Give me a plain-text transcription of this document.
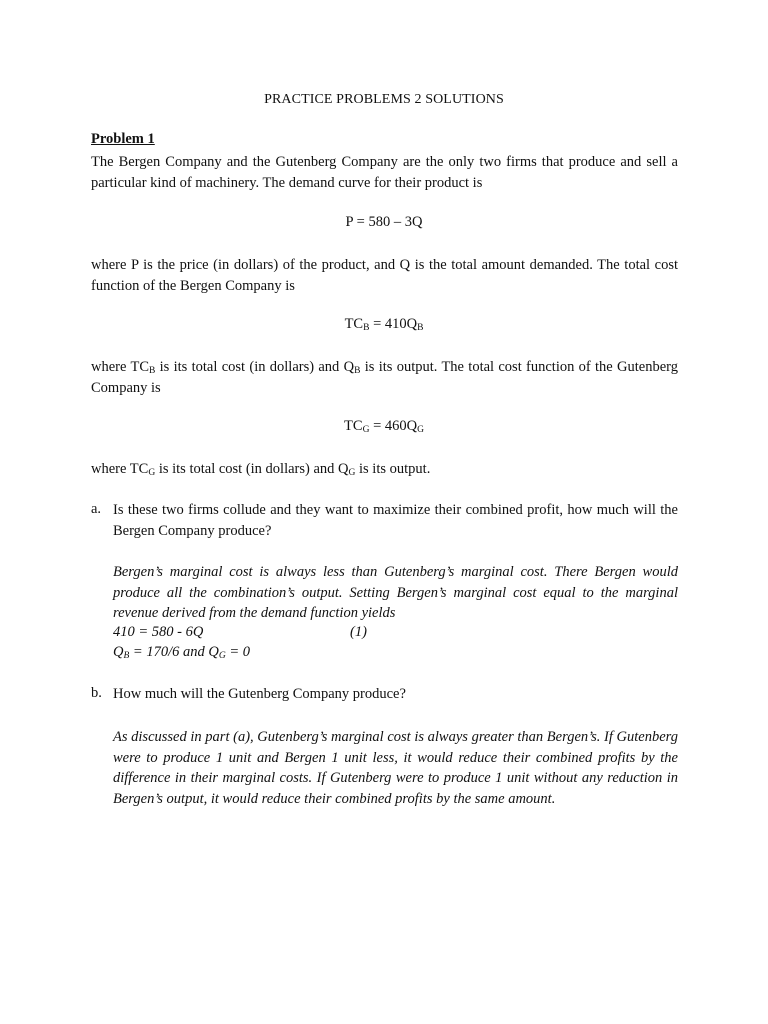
PRACTICE PROBLEMS 2 SOLUTIONS

Problem 1

The Bergen Company and the Gutenberg Company are the only two firms that produce and sell a particular kind of machinery. The demand curve for their product is

P = 580 – 3Q

where P is the price (in dollars) of the product, and Q is the total amount demanded. The total cost function of the Bergen Company is

$TC_B = 410Q_B$

where $TC_B$ is its total cost (in dollars) and $Q_B$ is its output. The total cost function of the Gutenberg Company is

$TC_G = 460Q_G$

where $TC_G$ is its total cost (in dollars) and $Q_G$ is its output.

a. Is these two firms collude and they want to maximize their combined profit, how much will the Bergen Company produce?

Bergen’s marginal cost is always less than Gutenberg’s marginal cost. There Bergen would produce all the combination’s output. Setting Bergen’s marginal cost equal to the marginal revenue derived from the demand function yields

410 = 580 - 6Q	(1)
$Q_B = 170/6$ and $Q_G = 0$
b. How much will the Gutenberg Company produce?

As discussed in part (a), Gutenberg’s marginal cost is always greater than Bergen’s. If Gutenberg were to produce 1 unit and Bergen 1 unit less, it would reduce their combined profits by the difference in their marginal costs. If Gutenberg were to produce 1 unit without any reduction in Bergen’s output, it would reduce their combined profits by the same amount.
